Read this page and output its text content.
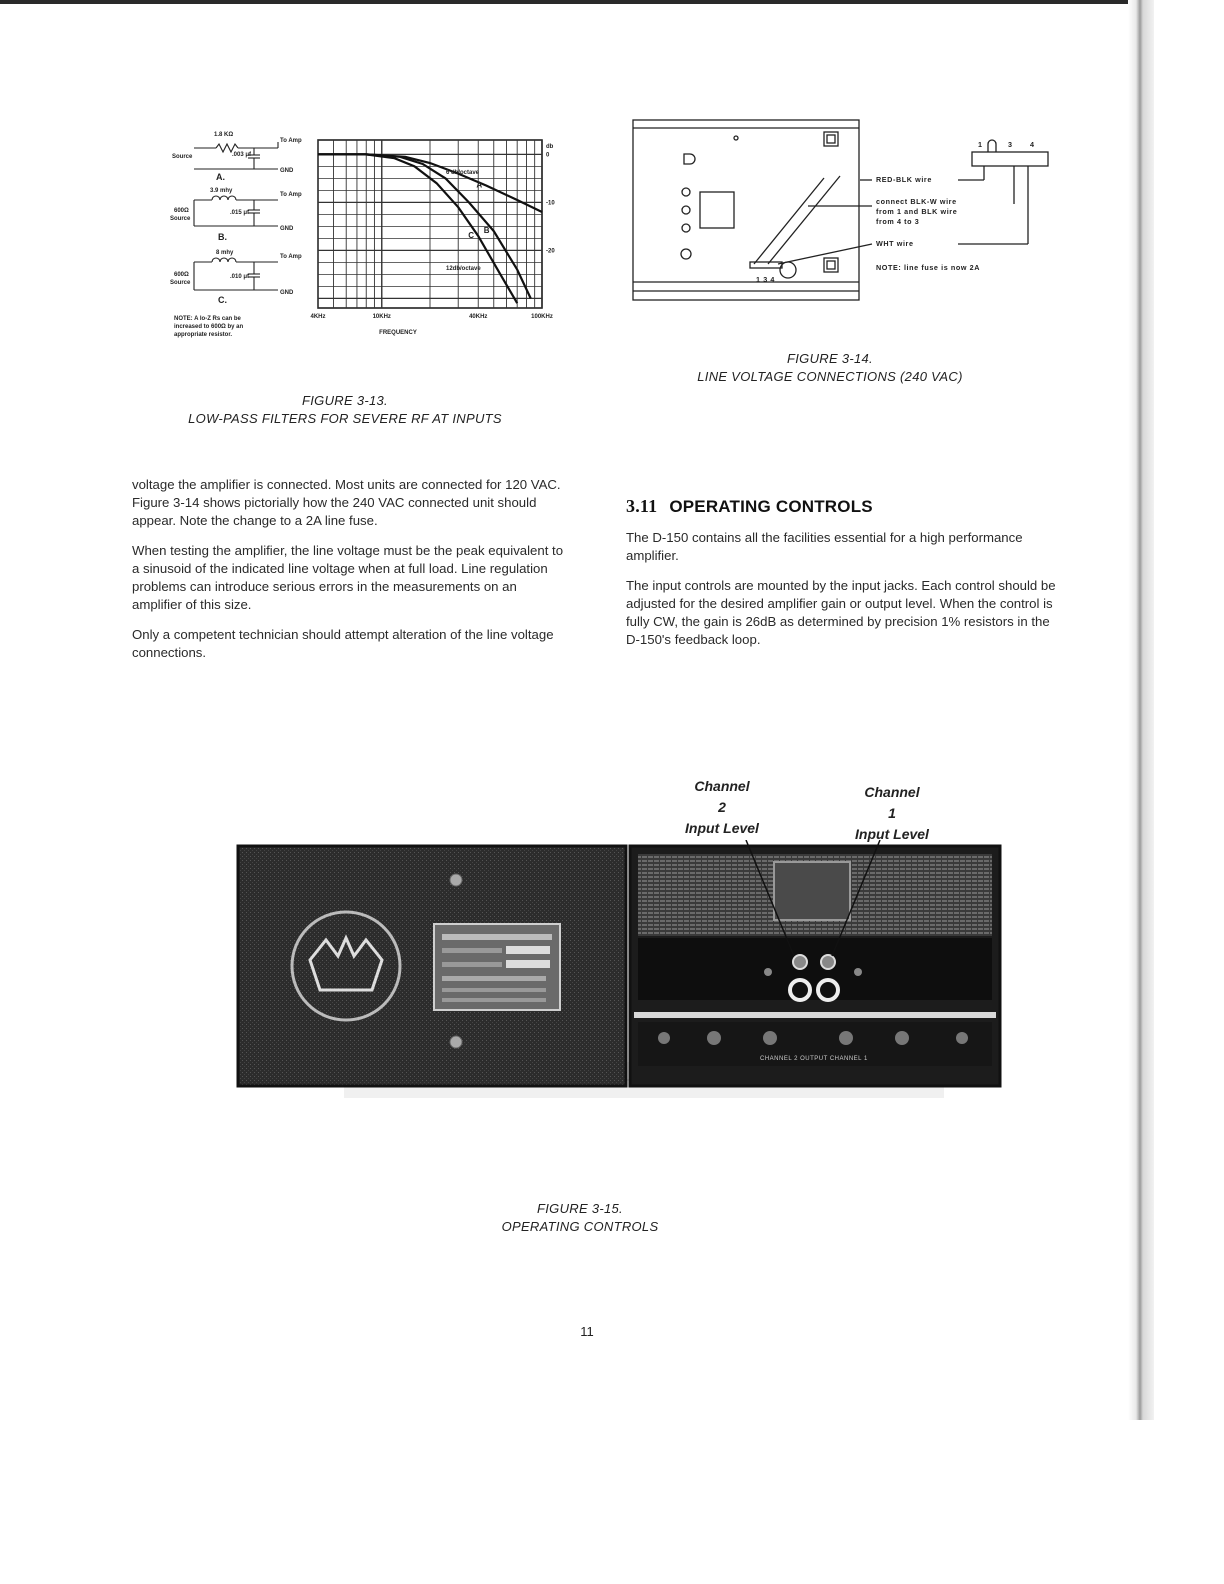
1.8 KΩ
Source	.003 μf
To Amp
GND
A.
3.9 mhy
600Ω
Source
.015 μf
To Amp
GND
B.
8 mhy
600Ω
Source
.010 μf
To Amp
GND
C.
NOTE: A lo-Z Rs can be
increased to 600Ω by an
appropriate resistor.
A
B
C
4KHz	10KHz	40KHz	100KHz
0
-10
-20
db
FREQUENCY
6 db/octave
12db/octave
FIGURE 3-13.
LOW-PASS FILTERS FOR SEVERE RF AT INPUTS
1 3 4
1	3 4
RED-BLK wire
connect BLK-W wire
from 1 and BLK wire
from 4 to 3
WHT wire
NOTE: line fuse is now 2A
FIGURE 3-14.
LINE VOLTAGE CONNECTIONS (240 VAC)

voltage the amplifier is connected. Most units are connected for 120 VAC. Figure 3-14 shows pictorially how the 240 VAC connected unit should appear. Note the change to a 2A line fuse.

When testing the amplifier, the line voltage must be the peak equivalent to a sinusoid of the indicated line voltage when at full load. Line regulation problems can introduce serious errors in the measurements on an amplifier of this size.

Only a competent technician should attempt alteration of the line voltage connections.

3.11 OPERATING CONTROLS

The D-150 contains all the facilities essential for a high performance amplifier.

The input controls are mounted by the input jacks. Each control should be adjusted for the desired amplifier gain or output level. When the control is fully CW, the gain is 26dB as determined by precision 1% resistors in the D-150's feedback loop.

Channel
2
Input Level
Channel
1
Input Level
CHANNEL 2 OUTPUT CHANNEL 1
FIGURE 3-15.
OPERATING CONTROLS
11
